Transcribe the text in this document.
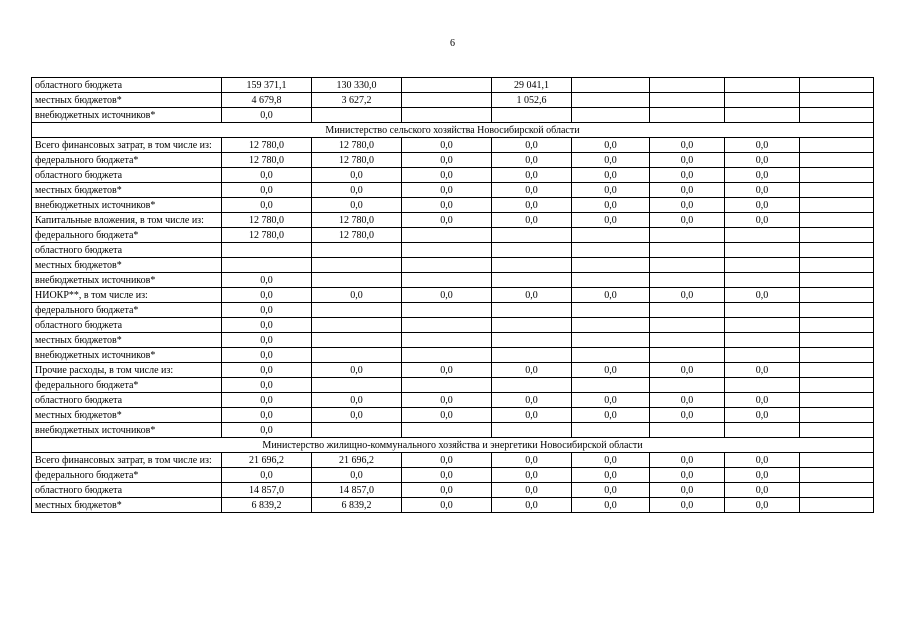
6
областного бюджета	159 371,1	130 330,0		29 041,1				
местных бюджетов*	4 679,8	3 627,2		1 052,6				
внебюджетных источников*	0,0							
Министерство сельского хозяйства Новосибирской области								
Всего финансовых затрат, в том числе из:	12 780,0	12 780,0	0,0	0,0	0,0	0,0	0,0	
федерального бюджета*	12 780,0	12 780,0	0,0	0,0	0,0	0,0	0,0	
областного бюджета	0,0	0,0	0,0	0,0	0,0	0,0	0,0	
местных бюджетов*	0,0	0,0	0,0	0,0	0,0	0,0	0,0	
внебюджетных источников*	0,0	0,0	0,0	0,0	0,0	0,0	0,0	
Капитальные вложения, в том числе из:	12 780,0	12 780,0	0,0	0,0	0,0	0,0	0,0	
федерального бюджета*	12 780,0	12 780,0						
областного бюджета								
местных бюджетов*								
внебюджетных источников*	0,0							
НИОКР**, в том числе из:	0,0	0,0	0,0	0,0	0,0	0,0	0,0	
федерального бюджета*	0,0							
областного бюджета	0,0							
местных бюджетов*	0,0							
внебюджетных источников*	0,0							
Прочие расходы, в том числе из:	0,0	0,0	0,0	0,0	0,0	0,0	0,0	
федерального бюджета*	0,0							
областного бюджета	0,0	0,0	0,0	0,0	0,0	0,0	0,0	
местных бюджетов*	0,0	0,0	0,0	0,0	0,0	0,0	0,0	
внебюджетных источников*	0,0							
Министерство жилищно-коммунального хозяйства и энергетики Новосибирской области								
Всего финансовых затрат, в том числе из:	21 696,2	21 696,2	0,0	0,0	0,0	0,0	0,0	
федерального бюджета*	0,0	0,0	0,0	0,0	0,0	0,0	0,0	
областного бюджета	14 857,0	14 857,0	0,0	0,0	0,0	0,0	0,0	
местных бюджетов*	6 839,2	6 839,2	0,0	0,0	0,0	0,0	0,0	
